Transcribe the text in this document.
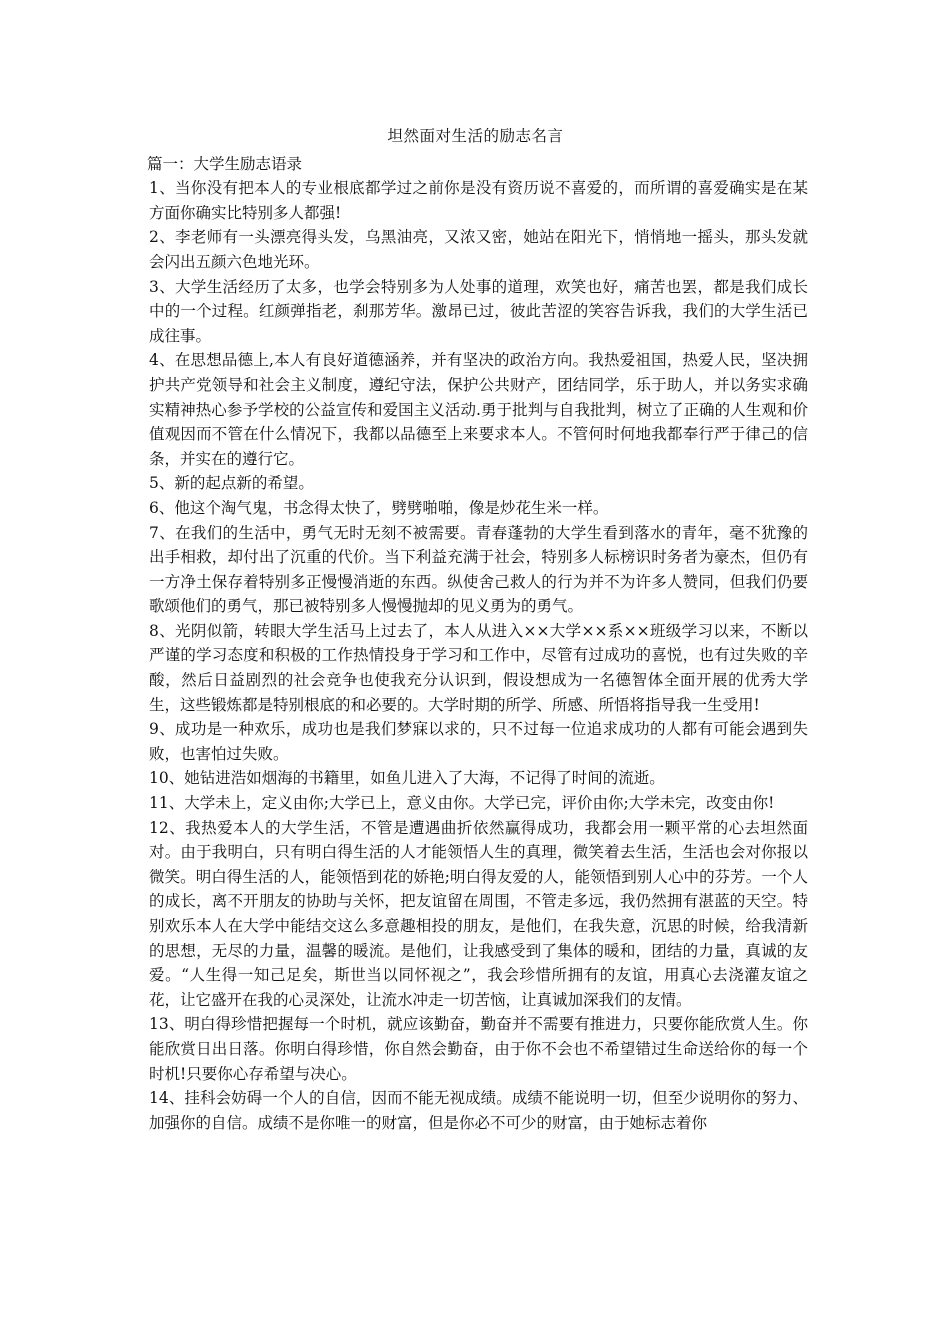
坦然面对生活的励志名言
篇一：大学生励志语录

1、当你没有把本人的专业根底都学过之前你是没有资历说不喜爱的，而所谓的喜爱确实是在某方面你确实比特别多人都强!

2、李老师有一头漂亮得头发，乌黑油亮，又浓又密，她站在阳光下，悄悄地一摇头，那头发就会闪出五颜六色地光环。

3、大学生活经历了太多，也学会特别多为人处事的道理，欢笑也好，痛苦也罢，都是我们成长中的一个过程。红颜弹指老，刹那芳华。激昂已过，彼此苦涩的笑容告诉我，我们的大学生活已成往事。

4、在思想品德上,本人有良好道德涵养，并有坚决的政治方向。我热爱祖国，热爱人民，坚决拥护共产党领导和社会主义制度，遵纪守法，保护公共财产，团结同学，乐于助人，并以务实求确实精神热心参予学校的公益宣传和爱国主义活动.勇于批判与自我批判，树立了正确的人生观和价值观因而不管在什么情况下，我都以品德至上来要求本人。不管何时何地我都奉行严于律己的信条，并实在的遵行它。

5、新的起点新的希望。

6、他这个淘气鬼，书念得太快了，劈劈啪啪，像是炒花生米一样。

7、在我们的生活中，勇气无时无刻不被需要。青春蓬勃的大学生看到落水的青年，毫不犹豫的出手相救，却付出了沉重的代价。当下利益充满于社会，特别多人标榜识时务者为豪杰，但仍有一方净土保存着特别多正慢慢消逝的东西。纵使舍己救人的行为并不为许多人赞同，但我们仍要歌颂他们的勇气，那已被特别多人慢慢抛却的见义勇为的勇气。

8、光阴似箭，转眼大学生活马上过去了，本人从进入××大学××系××班级学习以来，不断以严谨的学习态度和积极的工作热情投身于学习和工作中，尽管有过成功的喜悦，也有过失败的辛酸，然后日益剧烈的社会竞争也使我充分认识到，假设想成为一名德智体全面开展的优秀大学生，这些锻炼都是特别根底的和必要的。大学时期的所学、所感、所悟将指导我一生受用!

9、成功是一种欢乐，成功也是我们梦寐以求的，只不过每一位追求成功的人都有可能会遇到失败，也害怕过失败。

10、她钻进浩如烟海的书籍里，如鱼儿进入了大海，不记得了时间的流逝。

11、大学未上，定义由你;大学已上，意义由你。大学已完，评价由你;大学未完，改变由你!

12、我热爱本人的大学生活，不管是遭遇曲折依然赢得成功，我都会用一颗平常的心去坦然面对。由于我明白，只有明白得生活的人才能领悟人生的真理，微笑着去生活，生活也会对你报以微笑。明白得生活的人，能领悟到花的娇艳;明白得友爱的人，能领悟到别人心中的芬芳。一个人的成长，离不开朋友的协助与关怀，把友谊留在周围，不管走多远，我仍然拥有湛蓝的天空。特别欢乐本人在大学中能结交这么多意趣相投的朋友，是他们，在我失意，沉思的时候，给我清新的思想，无尽的力量，温馨的暖流。是他们，让我感受到了集体的暖和，团结的力量，真诚的友爱。“人生得一知己足矣，斯世当以同怀视之”，我会珍惜所拥有的友谊，用真心去浇灌友谊之花，让它盛开在我的心灵深处，让流水冲走一切苦恼，让真诚加深我们的友情。

13、明白得珍惜把握每一个时机，就应该勤奋，勤奋并不需要有推进力，只要你能欣赏人生。你能欣赏日出日落。你明白得珍惜，你自然会勤奋，由于你不会也不希望错过生命送给你的每一个时机!只要你心存希望与决心。

14、挂科会妨碍一个人的自信，因而不能无视成绩。成绩不能说明一切，但至少说明你的努力、加强你的自信。成绩不是你唯一的财富，但是你必不可少的财富，由于她标志着你
